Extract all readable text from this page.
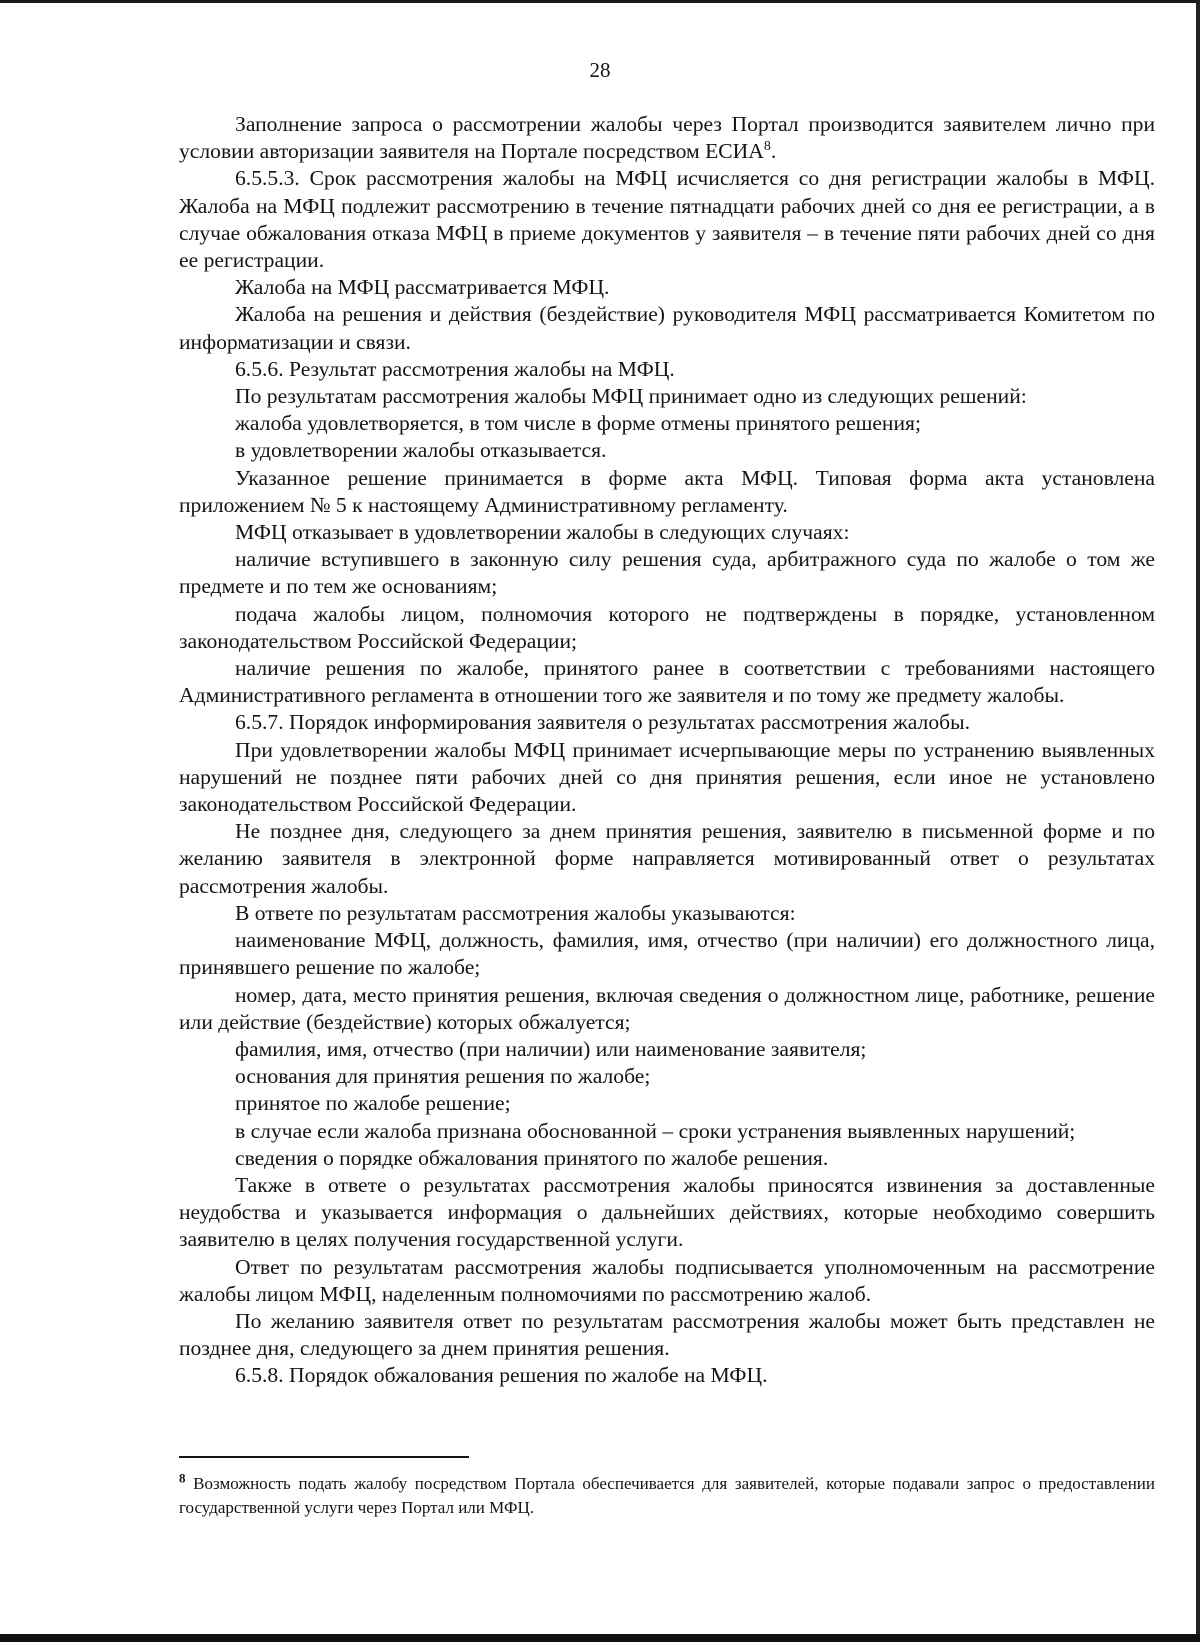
28

Заполнение запроса о рассмотрении жалобы через Портал производится заявителем лично при условии авторизации заявителя на Портале посредством ЕСИА$^8$.

6.5.5.3. Срок рассмотрения жалобы на МФЦ исчисляется со дня регистрации жалобы в МФЦ. Жалоба на МФЦ подлежит рассмотрению в течение пятнадцати рабочих дней со дня ее регистрации, а в случае обжалования отказа МФЦ в приеме документов у заявителя – в течение пяти рабочих дней со дня ее регистрации.

Жалоба на МФЦ рассматривается МФЦ.

Жалоба на решения и действия (бездействие) руководителя МФЦ рассматривается Комитетом по информатизации и связи.

6.5.6. Результат рассмотрения жалобы на МФЦ.

По результатам рассмотрения жалобы МФЦ принимает одно из следующих решений:

жалоба удовлетворяется, в том числе в форме отмены принятого решения;

в удовлетворении жалобы отказывается.

Указанное решение принимается в форме акта МФЦ. Типовая форма акта установлена приложением № 5 к настоящему Административному регламенту.

МФЦ отказывает в удовлетворении жалобы в следующих случаях:

наличие вступившего в законную силу решения суда, арбитражного суда по жалобе о том же предмете и по тем же основаниям;

подача жалобы лицом, полномочия которого не подтверждены в порядке, установленном законодательством Российской Федерации;

наличие решения по жалобе, принятого ранее в соответствии с требованиями настоящего Административного регламента в отношении того же заявителя и по тому же предмету жалобы.

6.5.7. Порядок информирования заявителя о результатах рассмотрения жалобы.

При удовлетворении жалобы МФЦ принимает исчерпывающие меры по устранению выявленных нарушений не позднее пяти рабочих дней со дня принятия решения, если иное не установлено законодательством Российской Федерации.

Не позднее дня, следующего за днем принятия решения, заявителю в письменной форме и по желанию заявителя в электронной форме направляется мотивированный ответ о результатах рассмотрения жалобы.

В ответе по результатам рассмотрения жалобы указываются:

наименование МФЦ, должность, фамилия, имя, отчество (при наличии) его должностного лица, принявшего решение по жалобе;

номер, дата, место принятия решения, включая сведения о должностном лице, работнике, решение или действие (бездействие) которых обжалуется;

фамилия, имя, отчество (при наличии) или наименование заявителя;

основания для принятия решения по жалобе;

принятое по жалобе решение;

в случае если жалоба признана обоснованной – сроки устранения выявленных нарушений;

сведения о порядке обжалования принятого по жалобе решения.

Также в ответе о результатах рассмотрения жалобы приносятся извинения за доставленные неудобства и указывается информация о дальнейших действиях, которые необходимо совершить заявителю в целях получения государственной услуги.

Ответ по результатам рассмотрения жалобы подписывается уполномоченным на рассмотрение жалобы лицом МФЦ, наделенным полномочиями по рассмотрению жалоб.

По желанию заявителя ответ по результатам рассмотрения жалобы может быть представлен не позднее дня, следующего за днем принятия решения.

6.5.8. Порядок обжалования решения по жалобе на МФЦ.

$^8$ Возможность подать жалобу посредством Портала обеспечивается для заявителей, которые подавали запрос о предоставлении государственной услуги через Портал или МФЦ.
